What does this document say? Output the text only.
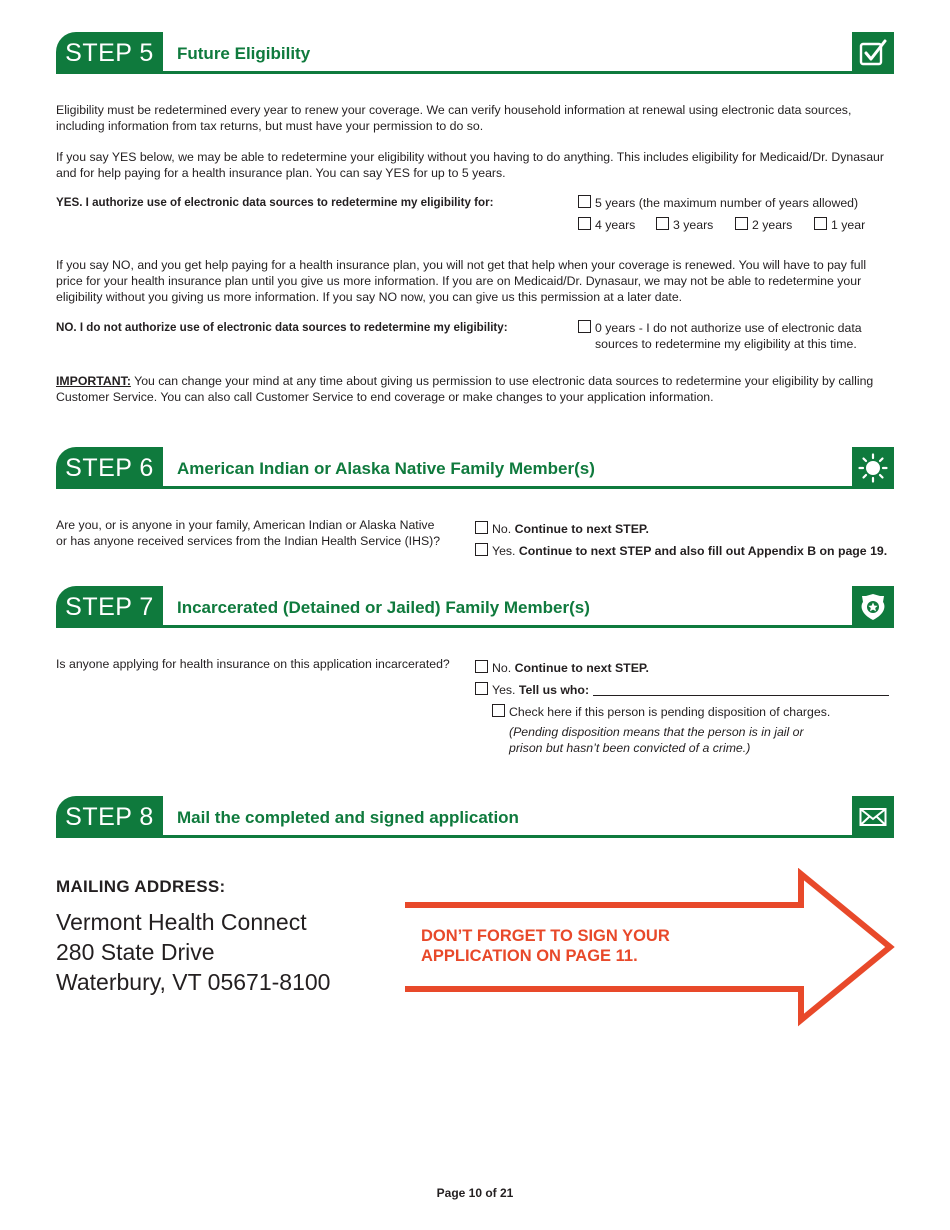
STEP 5	Future Eligibility

Eligibility must be redetermined every year to renew your coverage. We can verify household information at renewal using electronic data sources, including information from tax returns, but must have your permission to do so.

If you say YES below, we may be able to redetermine your eligibility without you having to do anything. This includes eligibility for Medicaid/Dr. Dynasaur and for help paying for a health insurance plan. You can say YES for up to 5 years.

YES. I authorize use of electronic data sources to redetermine my eligibility for:	5 years (the maximum number of years allowed)
4 years	3 years	2 years	1 year

If you say NO, and you get help paying for a health insurance plan, you will not get that help when your coverage is renewed. You will have to pay full price for your health insurance plan until you give us more information. If you are on Medicaid/Dr. Dynasaur, we may not be able to redetermine your eligibility without you giving us more information. If you say NO now, you can give us this permission at a later date.

NO. I do not authorize use of electronic data sources to redetermine my eligibility:	0 years - I do not authorize use of electronic data
sources to redetermine my eligibility at this time.

IMPORTANT: You can change your mind at any time about giving us permission to use electronic data sources to redetermine your eligibility by calling Customer Service. You can also call Customer Service to end coverage or make changes to your application information.

STEP 6	American Indian or Alaska Native Family Member(s)

Are you, or is anyone in your family, American Indian or Alaska Native
or has anyone received services from the Indian Health Service (IHS)?

No. Continue to next STEP.
Yes. Continue to next STEP and also fill out Appendix B on page 19.
STEP 7	Incarcerated (Detained or Jailed) Family Member(s)

Is anyone applying for health insurance on this application incarcerated?	No. Continue to next STEP.
Yes. Tell us who:
Check here if this person is pending disposition of charges.

(Pending disposition means that the person is in jail or
prison but hasn’t been convicted of a crime.)

STEP 8	Mail the completed and signed application
MAILING ADDRESS:
Vermont Health Connect
280 State Drive
Waterbury, VT 05671-8100

DON’T FORGET TO SIGN YOUR
APPLICATION ON PAGE 11.

Page 10 of 21
